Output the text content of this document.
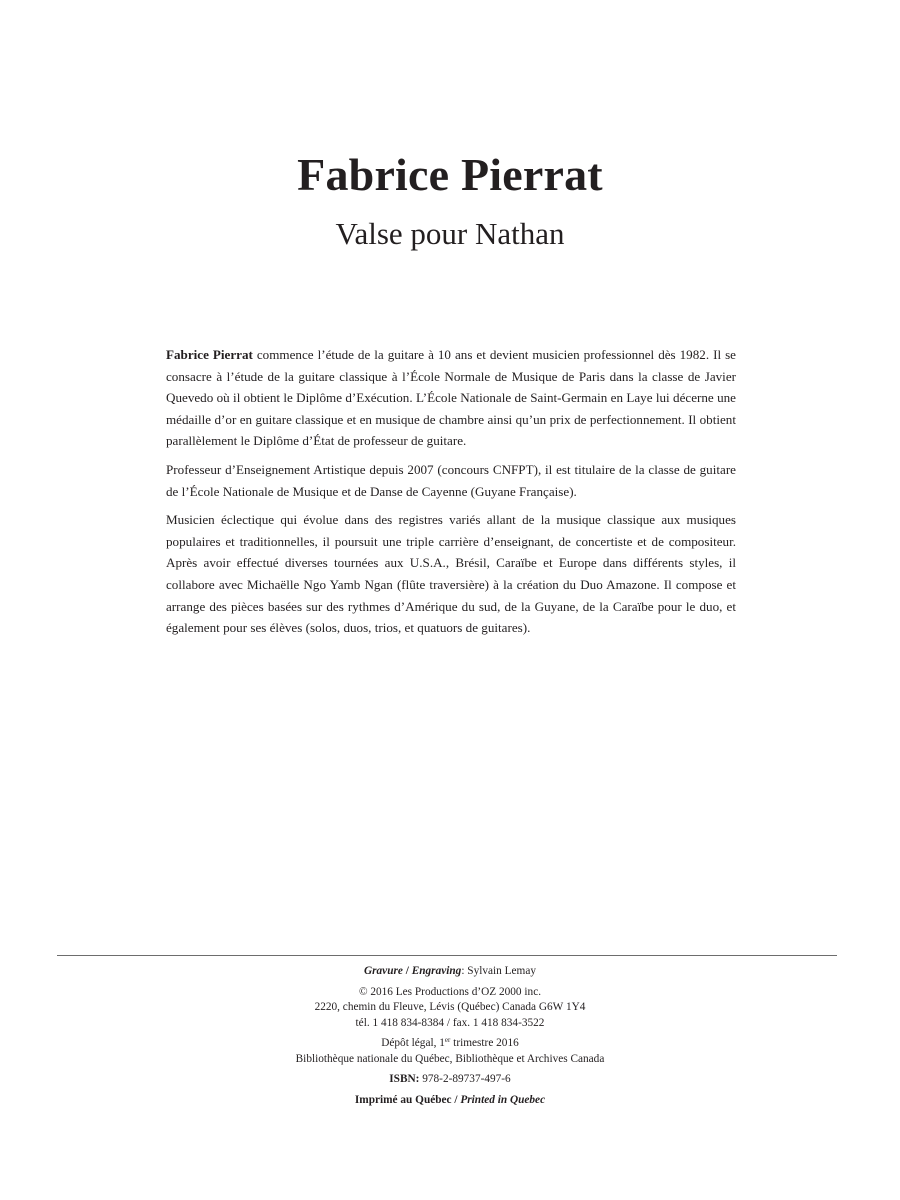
Fabrice Pierrat
Valse pour Nathan

Fabrice Pierrat commence l’étude de la guitare à 10 ans et devient musicien professionnel dès 1982. Il se consacre à l’étude de la guitare classique à l’École Normale de Musique de Paris dans la classe de Javier Quevedo où il obtient le Diplôme d’Exécution. L’École Nationale de Saint-Germain en Laye lui décerne une médaille d’or en guitare classique et en musique de chambre ainsi qu’un prix de perfectionnement. Il obtient parallèlement le Diplôme d’État de professeur de guitare.

Professeur d’Enseignement Artistique depuis 2007 (concours CNFPT), il est titulaire de la classe de guitare de l’École Nationale de Musique et de Danse de Cayenne (Guyane Française).

Musicien éclectique qui évolue dans des registres variés allant de la musique classique aux musiques populaires et traditionnelles, il poursuit une triple carrière d’enseignant, de concertiste et de compositeur. Après avoir effectué diverses tournées aux U.S.A., Brésil, Caraïbe et Europe dans différents styles, il collabore avec Michaëlle Ngo Yamb Ngan (flûte traversière) à la création du Duo Amazone. Il compose et arrange des pièces basées sur des rythmes d’Amérique du sud, de la Guyane, de la Caraïbe pour le duo, et également pour ses élèves (solos, duos, trios, et quatuors de guitares).

Gravure / Engraving: Sylvain Lemay
© 2016 Les Productions d’OZ 2000 inc.
2220, chemin du Fleuve, Lévis (Québec) Canada G6W 1Y4
tél. 1 418 834-8384 / fax. 1 418 834-3522
Dépôt légal, 1er trimestre 2016
Bibliothèque nationale du Québec, Bibliothèque et Archives Canada
ISBN: 978-2-89737-497-6
Imprimé au Québec / Printed in Quebec
